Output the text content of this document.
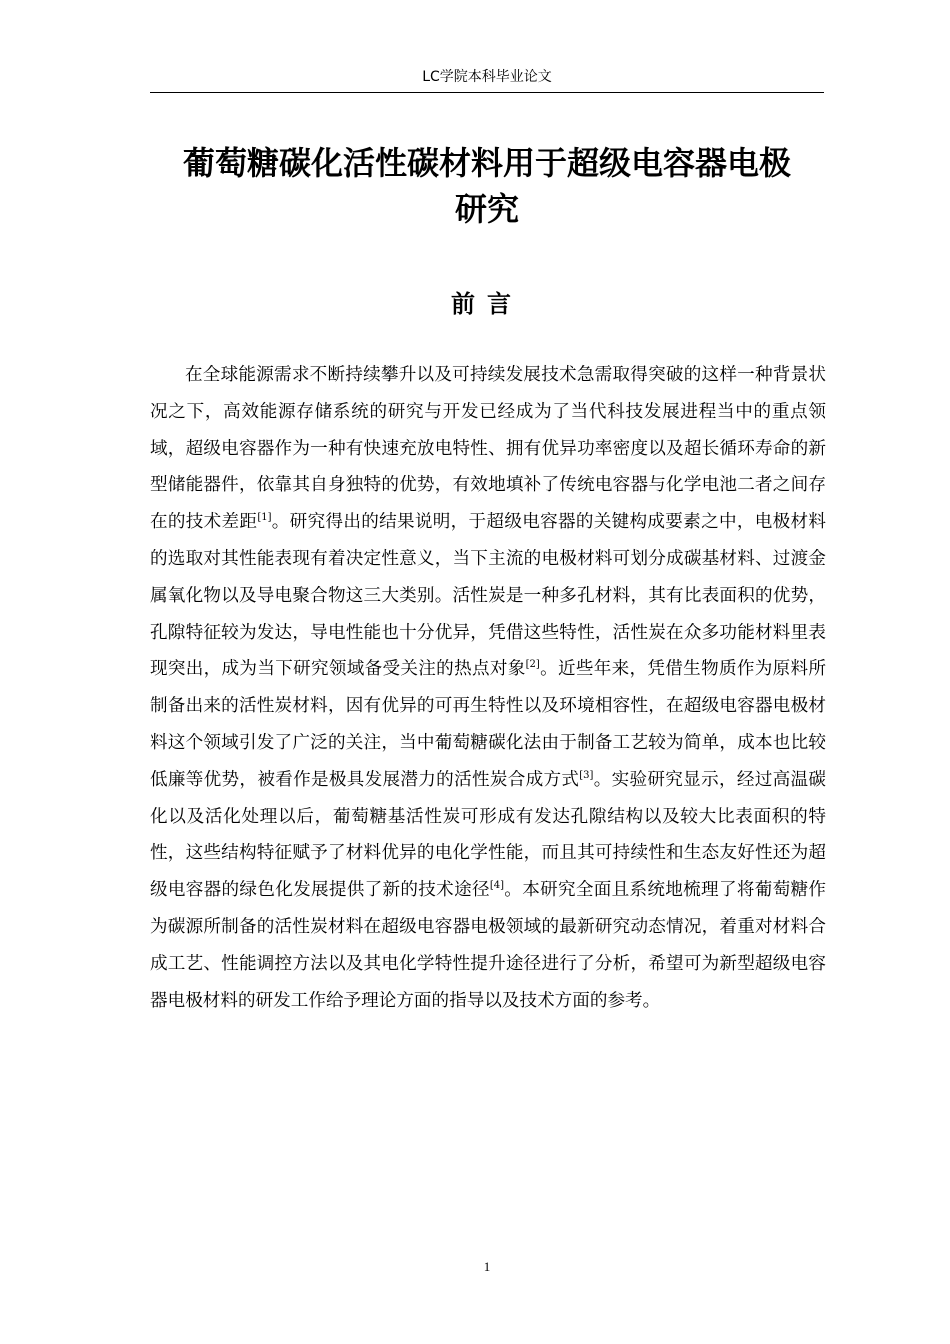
LC学院本科毕业论文
葡萄糖碳化活性碳材料用于超级电容器电极
研究
前言

在全球能源需求不断持续攀升以及可持续发展技术急需取得突破的这样一种背景状况之下，高效能源存储系统的研究与开发已经成为了当代科技发展进程当中的重点领域，超级电容器作为一种有快速充放电特性、拥有优异功率密度以及超长循环寿命的新型储能器件，依靠其自身独特的优势，有效地填补了传统电容器与化学电池二者之间存在的技术差距[1]。研究得出的结果说明，于超级电容器的关键构成要素之中，电极材料的选取对其性能表现有着决定性意义，当下主流的电极材料可划分成碳基材料、过渡金属氧化物以及导电聚合物这三大类别。活性炭是一种多孔材料，其有比表面积的优势，孔隙特征较为发达，导电性能也十分优异，凭借这些特性，活性炭在众多功能材料里表现突出，成为当下研究领域备受关注的热点对象[2]。近些年来，凭借生物质作为原料所制备出来的活性炭材料，因有优异的可再生特性以及环境相容性，在超级电容器电极材料这个领域引发了广泛的关注，当中葡萄糖碳化法由于制备工艺较为简单，成本也比较低廉等优势，被看作是极具发展潜力的活性炭合成方式[3]。实验研究显示，经过高温碳化以及活化处理以后，葡萄糖基活性炭可形成有发达孔隙结构以及较大比表面积的特性，这些结构特征赋予了材料优异的电化学性能，而且其可持续性和生态友好性还为超级电容器的绿色化发展提供了新的技术途径[4]。本研究全面且系统地梳理了将葡萄糖作为碳源所制备的活性炭材料在超级电容器电极领域的最新研究动态情况，着重对材料合成工艺、性能调控方法以及其电化学特性提升途径进行了分析，希望可为新型超级电容器电极材料的研发工作给予理论方面的指导以及技术方面的参考。

1
